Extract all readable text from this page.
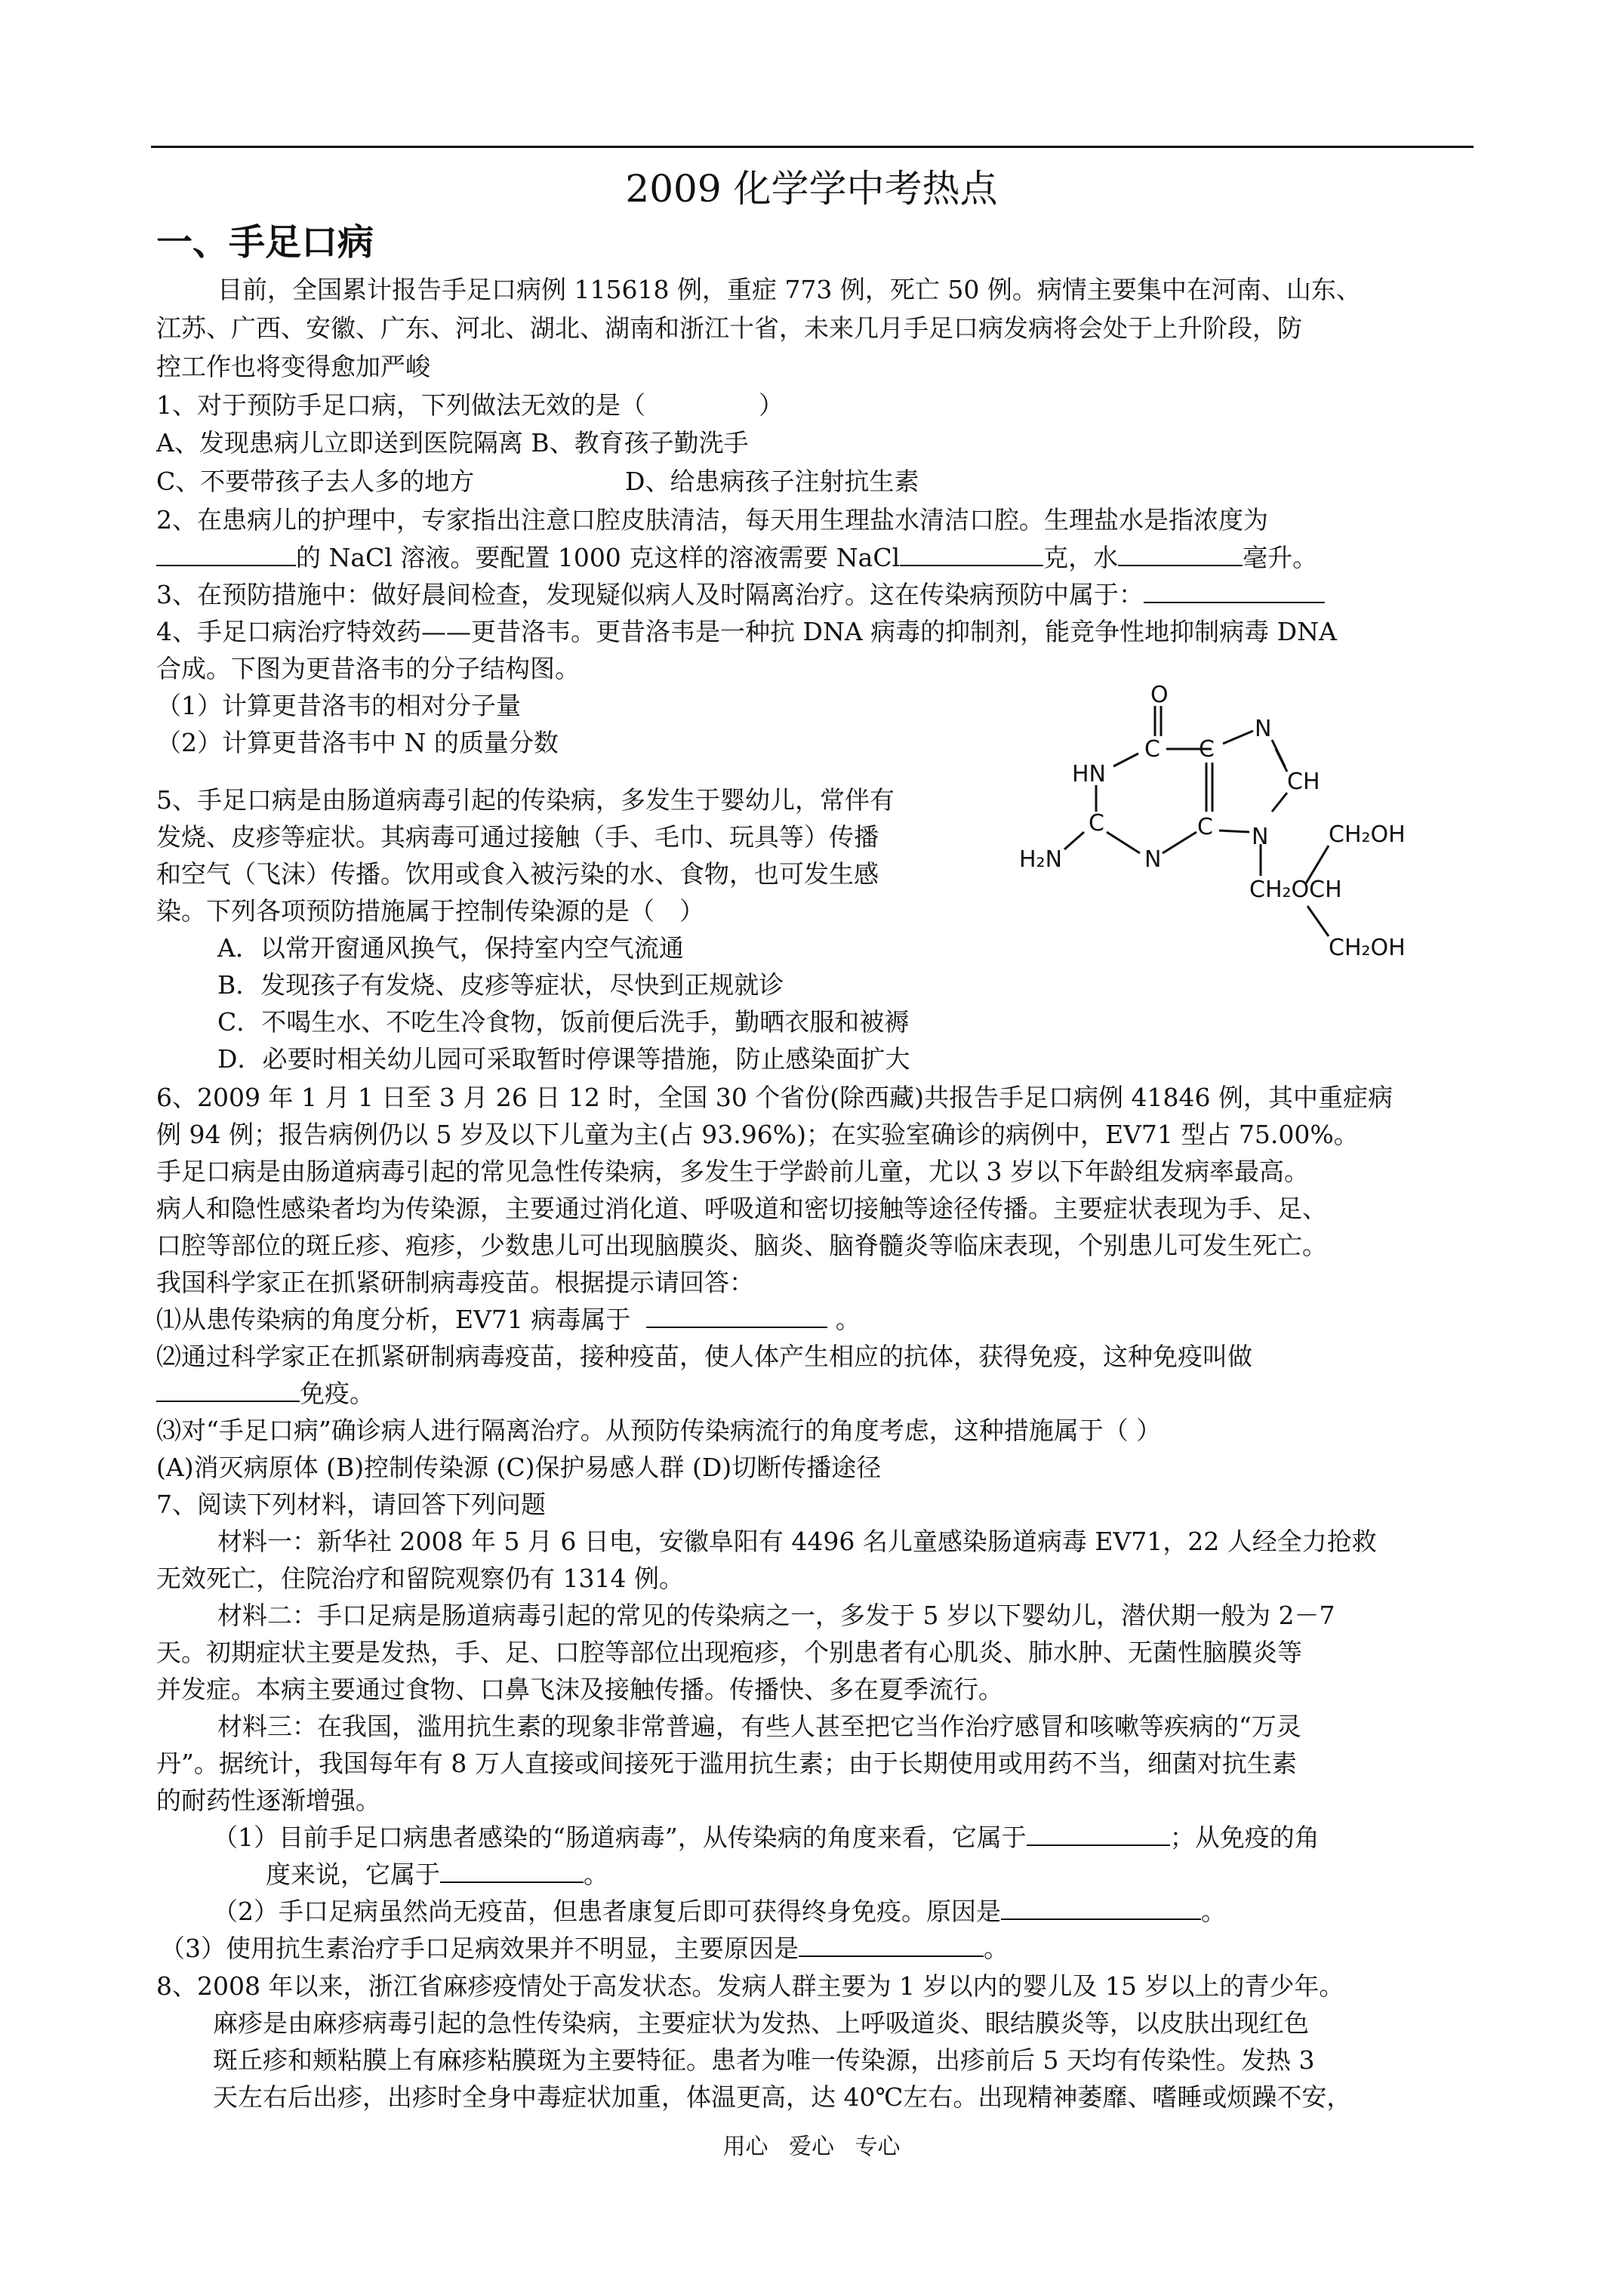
2009 化学学中考热点
一、手足口病
目前，全国累计报告手足口病例 115618 例，重症 773 例，死亡 50 例。病情主要集中在河南、山东、
江苏、广西、安徽、广东、河北、湖北、湖南和浙江十省，未来几月手足口病发病将会处于上升阶段，防
控工作也将变得愈加严峻
1、对于预防手足口病，下列做法无效的是（	）
A、发现患病儿立即送到医院隔离 B、教育孩子勤洗手
C、不要带孩子去人多的地方	D、给患病孩子注射抗生素
2、在患病儿的护理中，专家指出注意口腔皮肤清洁，每天用生理盐水清洁口腔。生理盐水是指浓度为
的 NaCl 溶液。要配置 1000 克这样的溶液需要 NaCl	克，水	毫升。
3、在预防措施中：做好晨间检查，发现疑似病人及时隔离治疗。这在传染病预防中属于：
4、手足口病治疗特效药——更昔洛韦。更昔洛韦是一种抗 DNA 病毒的抑制剂，能竞争性地抑制病毒 DNA
合成。下图为更昔洛韦的分子结构图。
（1）计算更昔洛韦的相对分子量
（2）计算更昔洛韦中 N 的质量分数
O
C
HN
C
N
CH
C
N
C
N
H₂N
CH₂OH
CH₂OCH
CH₂OH
5、手足口病是由肠道病毒引起的传染病，多发生于婴幼儿，常伴有
发烧、皮疹等症状。其病毒可通过接触（手、毛巾、玩具等）传播
和空气（飞沫）传播。饮用或食入被污染的水、食物，也可发生感
染。下列各项预防措施属于控制传染源的是（　）
A．以常开窗通风换气，保持室内空气流通
B．发现孩子有发烧、皮疹等症状，尽快到正规就诊
C．不喝生水、不吃生冷食物，饭前便后洗手，勤晒衣服和被褥
D．必要时相关幼儿园可采取暂时停课等措施，防止感染面扩大
6、2009 年 1 月 1 日至 3 月 26 日 12 时，全国 30 个省份(除西藏)共报告手足口病例 41846 例，其中重症病
例 94 例；报告病例仍以 5 岁及以下儿童为主(占 93.96%)；在实验室确诊的病例中，EV71 型占 75.00%。
手足口病是由肠道病毒引起的常见急性传染病，多发生于学龄前儿童，尤以 3 岁以下年龄组发病率最高。
病人和隐性感染者均为传染源，主要通过消化道、呼吸道和密切接触等途径传播。主要症状表现为手、足、
口腔等部位的斑丘疹、疱疹，少数患儿可出现脑膜炎、脑炎、脑脊髓炎等临床表现，个别患儿可发生死亡。
我国科学家正在抓紧研制病毒疫苗。根据提示请回答：
⑴从患传染病的角度分析，EV71 病毒属于	。
⑵通过科学家正在抓紧研制病毒疫苗，接种疫苗，使人体产生相应的抗体，获得免疫，这种免疫叫做
免疫。
⑶对“手足口病”确诊病人进行隔离治疗。从预防传染病流行的角度考虑，这种措施属于（ ）
(A)消灭病原体 (B)控制传染源 (C)保护易感人群 (D)切断传播途径
7、阅读下列材料，请回答下列问题
材料一：新华社 2008 年 5 月 6 日电，安徽阜阳有 4496 名儿童感染肠道病毒 EV71，22 人经全力抢救
无效死亡，住院治疗和留院观察仍有 1314 例。
材料二：手口足病是肠道病毒引起的常见的传染病之一，多发于 5 岁以下婴幼儿，潜伏期一般为 2－7
天。初期症状主要是发热，手、足、口腔等部位出现疱疹，个别患者有心肌炎、肺水肿、无菌性脑膜炎等
并发症。本病主要通过食物、口鼻飞沫及接触传播。传播快、多在夏季流行。
材料三：在我国，滥用抗生素的现象非常普遍，有些人甚至把它当作治疗感冒和咳嗽等疾病的“万灵
丹”。据统计，我国每年有 8 万人直接或间接死于滥用抗生素；由于长期使用或用药不当，细菌对抗生素
的耐药性逐渐增强。
（1）目前手足口病患者感染的“肠道病毒”，从传染病的角度来看，它属于	；从免疫的角
度来说，它属于	。
（2）手口足病虽然尚无疫苗，但患者康复后即可获得终身免疫。原因是	。
（3）使用抗生素治疗手口足病效果并不明显，主要原因是	。
8、2008 年以来，浙江省麻疹疫情处于高发状态。发病人群主要为 1 岁以内的婴儿及 15 岁以上的青少年。
麻疹是由麻疹病毒引起的急性传染病，主要症状为发热、上呼吸道炎、眼结膜炎等，以皮肤出现红色
斑丘疹和颊粘膜上有麻疹粘膜斑为主要特征。患者为唯一传染源，出疹前后 5 天均有传染性。发热 3
天左右后出疹，出疹时全身中毒症状加重，体温更高，达 40℃左右。出现精神萎靡、嗜睡或烦躁不安，
用心 爱心 专心
